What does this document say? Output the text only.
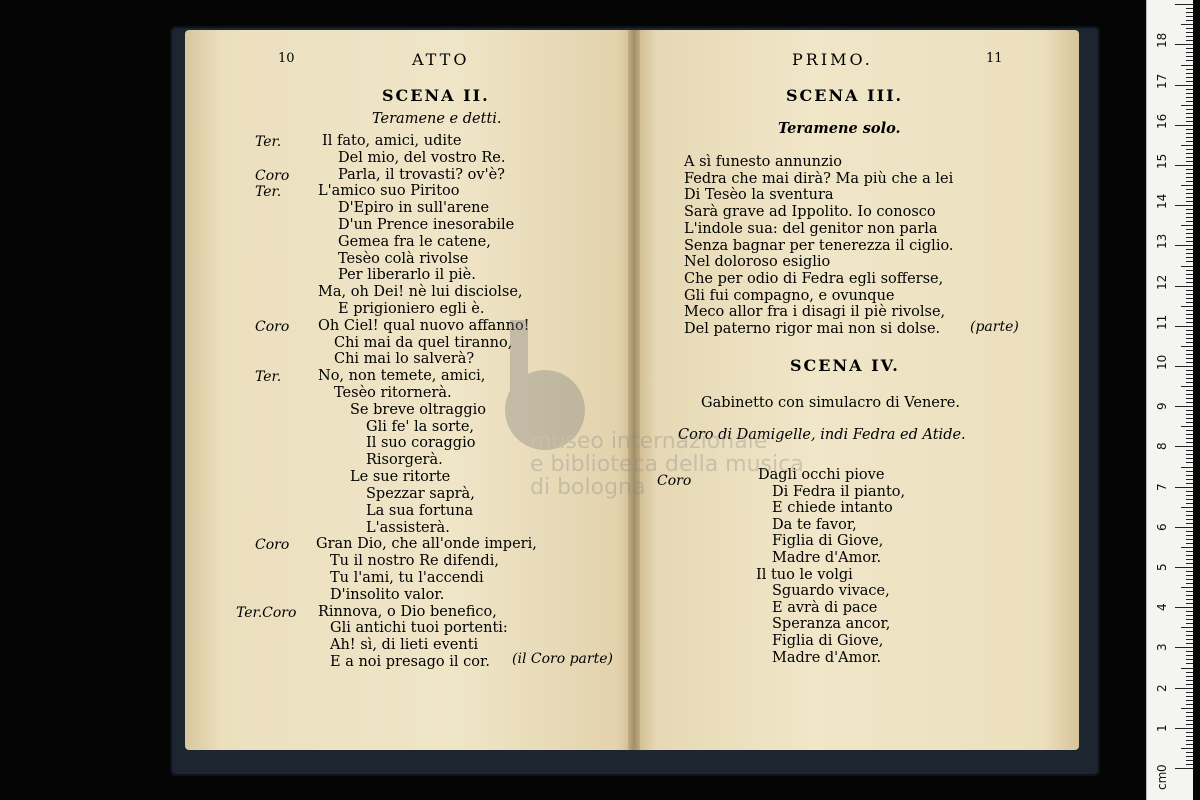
10	ATTO
SCENA II.
Teramene e detti.
Ter.	Il fato, amici, udite
Del mio, del vostro Re.
Coro	Parla, il trovasti? ov'è?
Ter.	L'amico suo Piritoo
D'Epiro in sull'arene
D'un Prence inesorabile
Gemea fra le catene,
Tesèo colà rivolse
Per liberarlo il piè.
Ma, oh Dei! nè lui disciolse,
E prigioniero egli è.
Coro Oh Ciel! qual nuovo affanno!
Chi mai da quel tiranno,
Chi mai lo salverà?
Ter.	No, non temete, amici,
Tesèo ritornerà.
Se breve oltraggio
Gli fe' la sorte,
Il suo coraggio
Risorgerà.
Le sue ritorte
Spezzar saprà,
La sua fortuna
L'assisterà.
Coro Gran Dio, che all'onde imperi,
Tu il nostro Re difendi,
Tu l'ami, tu l'accendi
D'insolito valor.
Ter.Coro Rinnova, o Dio benefico,
Gli antichi tuoi portenti:
Ah! sì, di lieti eventi
E a noi presago il cor. (il Coro parte)
PRIMO.	11
SCENA III.
Teramene solo.
A sì funesto annunzio
Fedra che mai dirà? Ma più che a lei
Di Tesèo la sventura
Sarà grave ad Ippolito. Io conosco
L'indole sua: del genitor non parla
Senza bagnar per tenerezza il ciglio.
Nel doloroso esiglio
Che per odio di Fedra egli sofferse,
Gli fui compagno, e ovunque
Meco allor fra i disagi il piè rivolse,
Del paterno rigor mai non si dolse. (parte)
SCENA IV.
Gabinetto con simulacro di Venere.
Coro di Damigelle, indi Fedra ed Atide.
Coro	Dagli occhi piove
Di Fedra il pianto,
E chiede intanto
Da te favor,
Figlia di Giove,
Madre d'Amor.
Il tuo le volgi
Sguardo vivace,
E avrà di pace
Speranza ancor,
Figlia di Giove,
Madre d'Amor.
museo internazionale
e biblioteca della musica
di bologna
0
1
2
3
4
5
6
7
8
9
10
11
12
13
14
15
16
17
18
cm
